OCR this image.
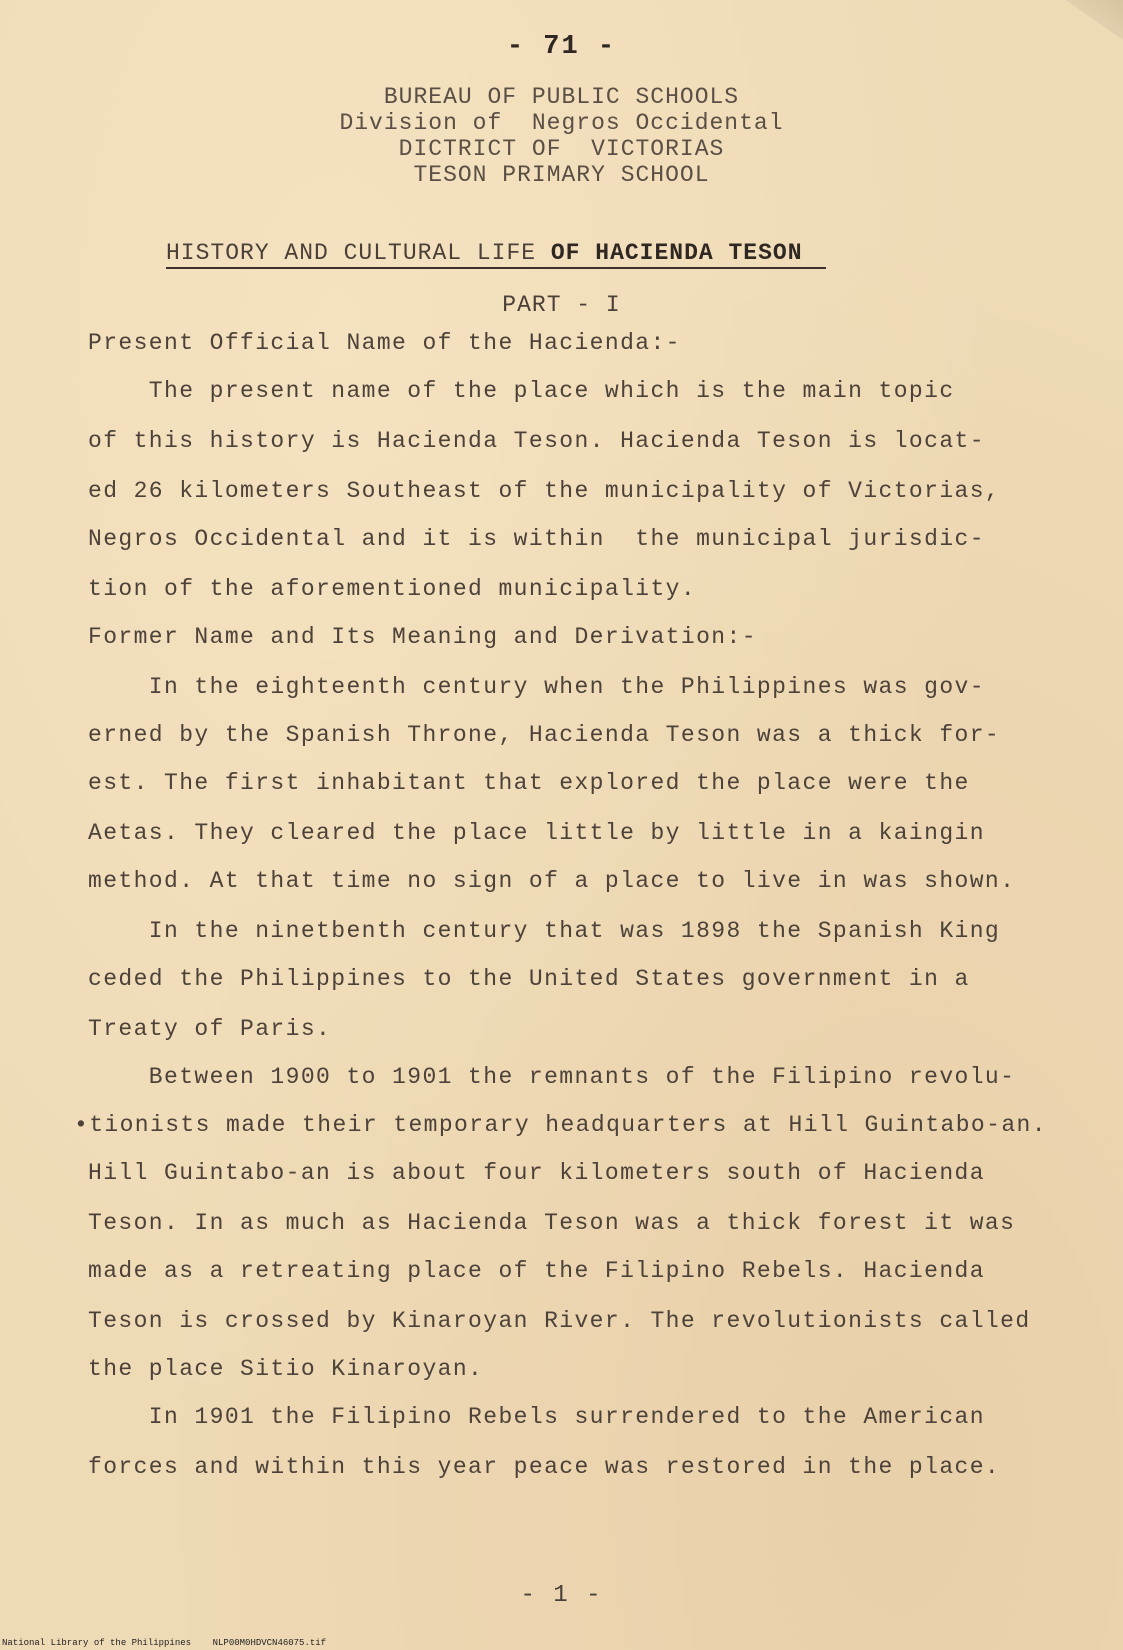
- 71 -
BUREAU OF PUBLIC SCHOOLS
Division of  Negros Occidental
DICTRICT OF  VICTORIAS
TESON PRIMARY SCHOOL
HISTORY AND CULTURAL LIFE OF HACIENDA TESON
PART - I
Present Official Name of the Hacienda:-
The present name of the place which is the main topic
of this history is Hacienda Teson. Hacienda Teson is locat-
ed 26 kilometers Southeast of the municipality of Victorias,
Negros Occidental and it is within  the municipal jurisdic-
tion of the aforementioned municipality.
Former Name and Its Meaning and Derivation:-
In the eighteenth century when the Philippines was gov-
erned by the Spanish Throne, Hacienda Teson was a thick for-
est. The first inhabitant that explored the place were the
Aetas. They cleared the place little by little in a kaingin
method. At that time no sign of a place to live in was shown.
In the ninetbenth century that was 1898 the Spanish King
ceded the Philippines to the United States government in a
Treaty of Paris.
Between 1900 to 1901 the remnants of the Filipino revolu-
•tionists made their temporary headquarters at Hill Guintabo-an.
Hill Guintabo-an is about four kilometers south of Hacienda
Teson. In as much as Hacienda Teson was a thick forest it was
made as a retreating place of the Filipino Rebels. Hacienda
Teson is crossed by Kinaroyan River. The revolutionists called
the place Sitio Kinaroyan.
In 1901 the Filipino Rebels surrendered to the American
forces and within this year peace was restored in the place.
- 1 -
National Library of the Philippines    NLP00M0HDVCN46075.tif
